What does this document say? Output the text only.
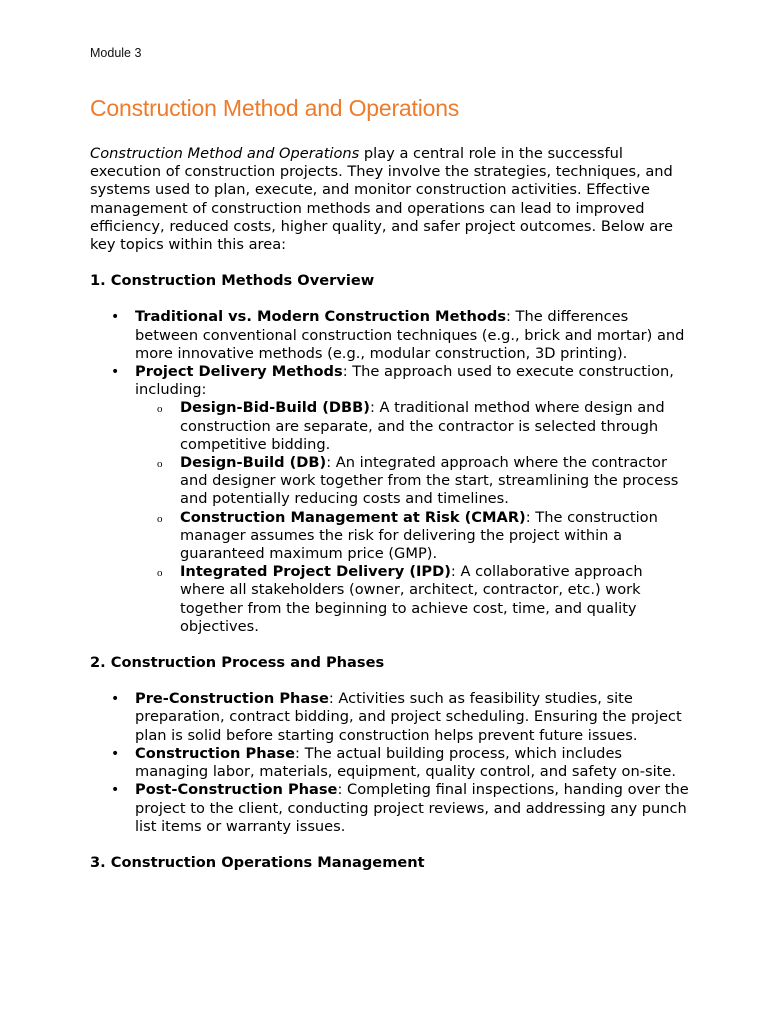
Module 3
Construction Method and Operations

Construction Method and Operations play a central role in the successful execution of construction projects. They involve the strategies, techniques, and systems used to plan, execute, and monitor construction activities. Effective management of construction methods and operations can lead to improved efficiency, reduced costs, higher quality, and safer project outcomes. Below are key topics within this area:

1. Construction Methods Overview
• Traditional vs. Modern Construction Methods: The differences between conventional construction techniques (e.g., brick and mortar) and more innovative methods (e.g., modular construction, 3D printing).
• Project Delivery Methods: The approach used to execute construction, including:
o Design-Bid-Build (DBB): A traditional method where design and construction are separate, and the contractor is selected through competitive bidding.
o Design-Build (DB): An integrated approach where the contractor and designer work together from the start, streamlining the process and potentially reducing costs and timelines.
o Construction Management at Risk (CMAR): The construction manager assumes the risk for delivering the project within a guaranteed maximum price (GMP).
o Integrated Project Delivery (IPD): A collaborative approach where all stakeholders (owner, architect, contractor, etc.) work together from the beginning to achieve cost, time, and quality objectives.
2. Construction Process and Phases
• Pre-Construction Phase: Activities such as feasibility studies, site preparation, contract bidding, and project scheduling. Ensuring the project plan is solid before starting construction helps prevent future issues.
• Construction Phase: The actual building process, which includes managing labor, materials, equipment, quality control, and safety on-site.
• Post-Construction Phase: Completing final inspections, handing over the project to the client, conducting project reviews, and addressing any punch list items or warranty issues.
3. Construction Operations Management
